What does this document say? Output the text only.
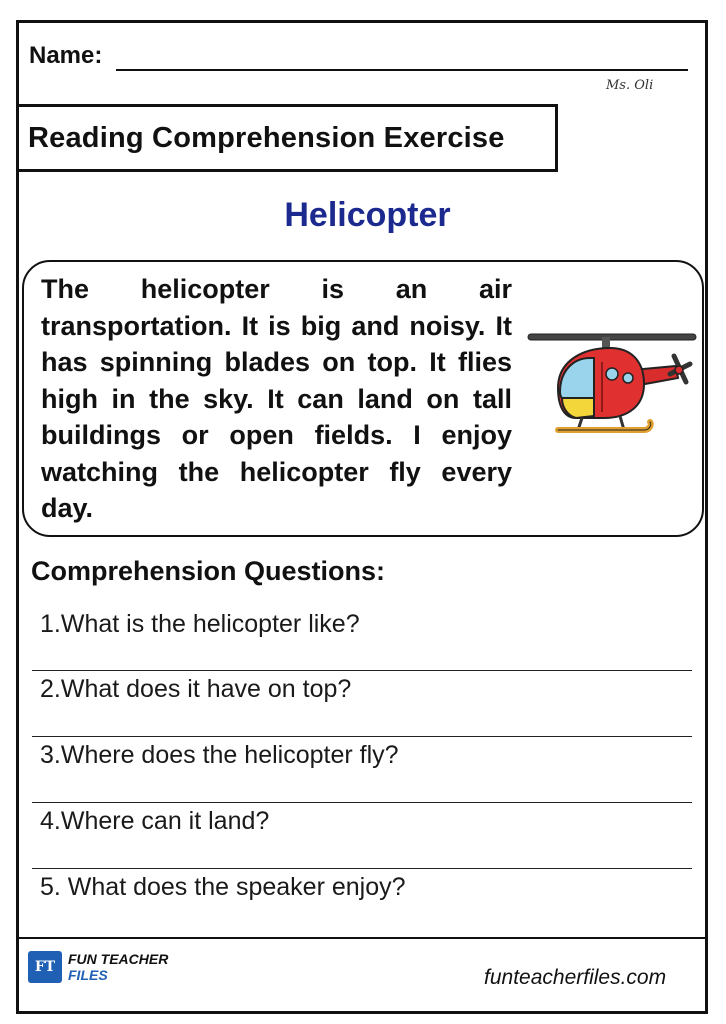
Name:
Ms. Oli
Reading Comprehension Exercise
Helicopter
The helicopter is an air transportation. It is big and noisy. It has spinning blades on top. It flies high in the sky. It can land on tall buildings or open fields. I enjoy watching the helicopter fly every day.
Comprehension Questions:
1.What is the helicopter like?
2.What does it have on top?
3.Where does the helicopter fly?
4.Where can it land?
5. What does the speaker enjoy?
FT FUN TEACHER
FILES	funteacherfiles.com
